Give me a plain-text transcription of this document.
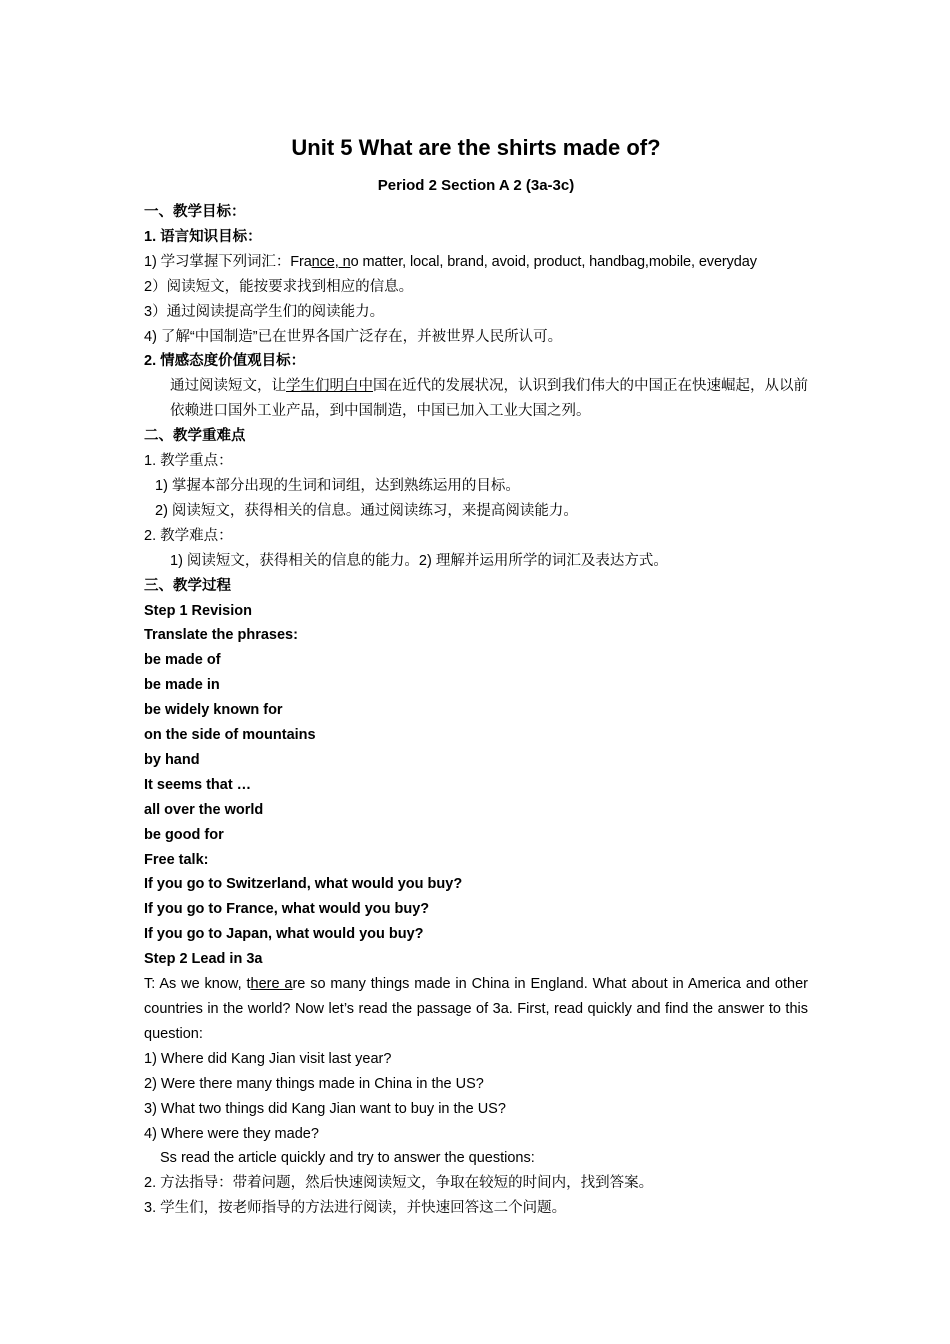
Unit 5 What are the shirts made of?
Period 2 Section A 2 (3a-3c)
一、教学目标：
1. 语言知识目标：
1) 学习掌握下列词汇：France, no matter, local, brand, avoid, product, handbag,mobile, everyday
2）阅读短文，能按要求找到相应的信息。
3）通过阅读提高学生们的阅读能力。
4) 了解“中国制造”已在世界各国广泛存在，并被世界人民所认可。
2. 情感态度价值观目标：
通过阅读短文，让学生们明白中国在近代的发展状况，认识到我们伟大的中国正在快速崛起，从以前依赖进口国外工业产品，到中国制造，中国已加入工业大国之列。
二、教学重难点
1. 教学重点：
1) 掌握本部分出现的生词和词组，达到熟练运用的目标。
2) 阅读短文，获得相关的信息。通过阅读练习，来提高阅读能力。
2. 教学难点：
1) 阅读短文，获得相关的信息的能力。2) 理解并运用所学的词汇及表达方式。
三、教学过程
Step 1 Revision
Translate the phrases:
be made of
be made in
be widely known for
on the side of mountains
by hand
It seems that …
all over the world
be good for
Free talk:
If you go to Switzerland, what would you buy?
If you go to France, what would you buy?
If you go to Japan, what would you buy?
Step 2 Lead in 3a
T: As we know, there are so many things made in China in England. What about in America and other countries in the world? Now let’s read the passage of 3a. First, read quickly and find the answer to this question:
1) Where did Kang Jian visit last year?
2) Were there many things made in China in the US?
3) What two things did Kang Jian want to buy in the US?
4) Where were they made?
Ss read the article quickly and try to answer the questions:
2. 方法指导：带着问题，然后快速阅读短文，争取在较短的时间内，找到答案。
3. 学生们，按老师指导的方法进行阅读，并快速回答这二个问题。
